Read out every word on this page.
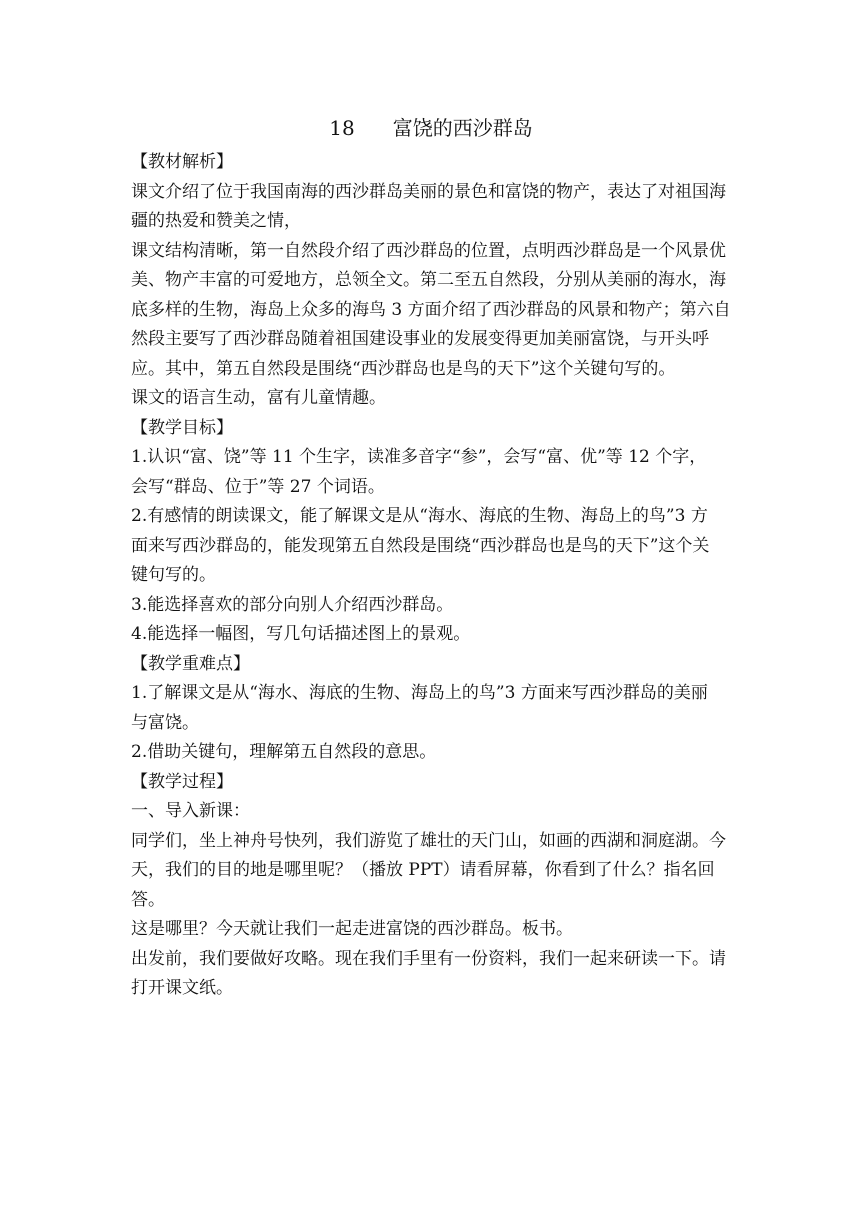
18 富饶的西沙群岛

【教材解析】

课文介绍了位于我国南海的西沙群岛美丽的景色和富饶的物产，表达了对祖国海

疆的热爱和赞美之情，

课文结构清晰，第一自然段介绍了西沙群岛的位置，点明西沙群岛是一个风景优

美、物产丰富的可爱地方，总领全文。第二至五自然段，分别从美丽的海水，海

底多样的生物，海岛上众多的海鸟 3 方面介绍了西沙群岛的风景和物产；第六自

然段主要写了西沙群岛随着祖国建设事业的发展变得更加美丽富饶，与开头呼

应。其中，第五自然段是围绕“西沙群岛也是鸟的天下”这个关键句写的。

课文的语言生动，富有儿童情趣。

【教学目标】

1.认识“富、饶”等 11 个生字，读准多音字“参”，会写“富、优”等 12 个字，

会写“群岛、位于”等 27 个词语。

2.有感情的朗读课文，能了解课文是从“海水、海底的生物、海岛上的鸟”3 方

面来写西沙群岛的，能发现第五自然段是围绕“西沙群岛也是鸟的天下”这个关

键句写的。

3.能选择喜欢的部分向别人介绍西沙群岛。

4.能选择一幅图，写几句话描述图上的景观。

【教学重难点】

1.了解课文是从“海水、海底的生物、海岛上的鸟”3 方面来写西沙群岛的美丽

与富饶。

2.借助关键句，理解第五自然段的意思。

【教学过程】

一、导入新课：

同学们，坐上神舟号快列，我们游览了雄壮的天门山，如画的西湖和洞庭湖。今

天，我们的目的地是哪里呢？（播放 PPT）请看屏幕，你看到了什么？指名回答。

这是哪里？今天就让我们一起走进富饶的西沙群岛。板书。

出发前，我们要做好攻略。现在我们手里有一份资料，我们一起来研读一下。请

打开课文纸。
